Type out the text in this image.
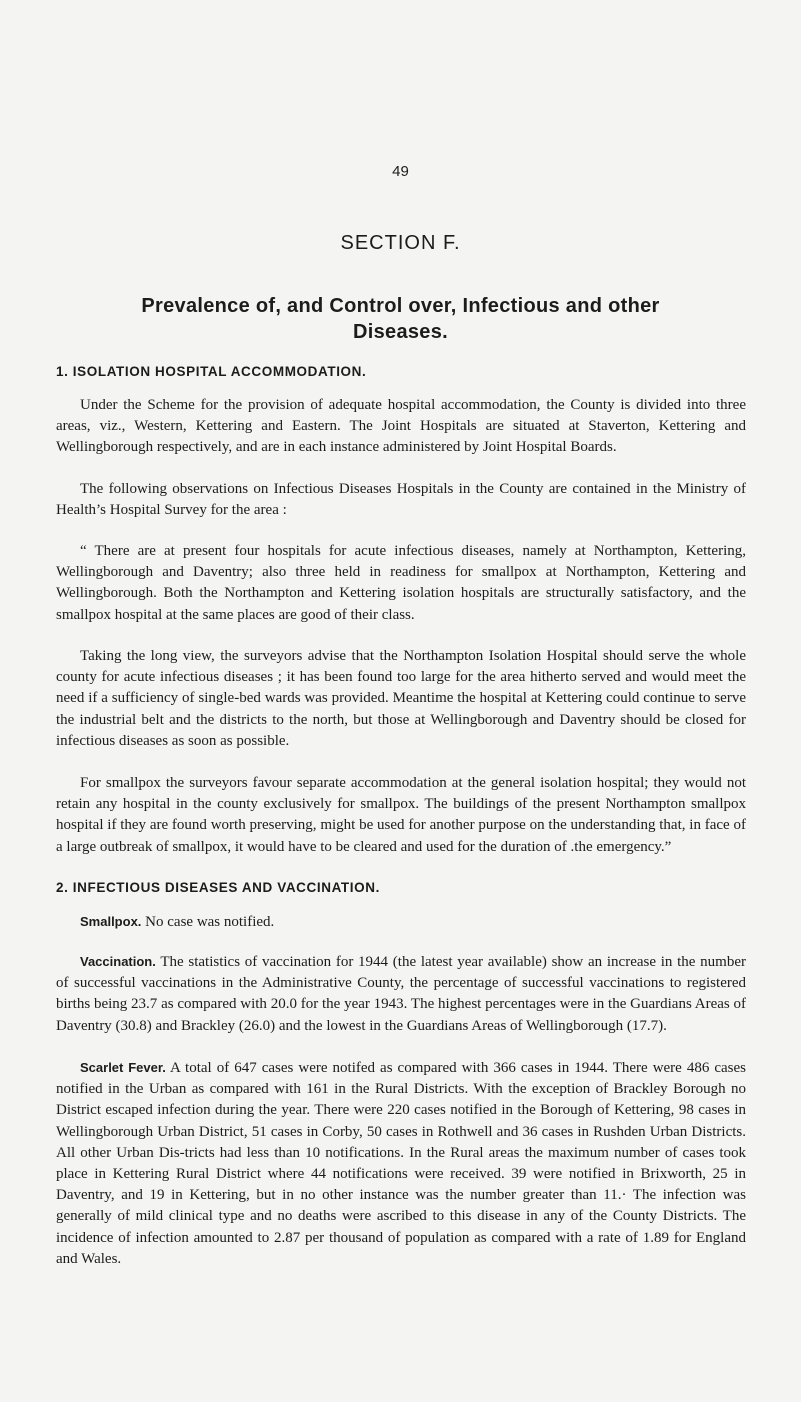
49
SECTION F.
Prevalence of, and Control over, Infectious and other
Diseases.
1. ISOLATION HOSPITAL ACCOMMODATION.

Under the Scheme for the provision of adequate hospital accommodation, the County is divided into three areas, viz., Western, Kettering and Eastern. The Joint Hospitals are situated at Staverton, Kettering and Wellingborough respectively, and are in each instance administered by Joint Hospital Boards.

The following observations on Infectious Diseases Hospitals in the County are contained in the Ministry of Health’s Hospital Survey for the area :

“ There are at present four hospitals for acute infectious diseases, namely at Northampton, Kettering, Wellingborough and Daventry; also three held in readiness for smallpox at Northampton, Kettering and Wellingborough. Both the Northampton and Kettering isolation hospitals are structurally satisfactory, and the smallpox hospital at the same places are good of their class.

Taking the long view, the surveyors advise that the Northampton Isolation Hospital should serve the whole county for acute infectious diseases ; it has been found too large for the area hitherto served and would meet the need if a sufficiency of single-bed wards was provided. Meantime the hospital at Kettering could continue to serve the industrial belt and the districts to the north, but those at Wellingborough and Daventry should be closed for infectious diseases as soon as possible.

For smallpox the surveyors favour separate accommodation at the general isolation hospital; they would not retain any hospital in the county exclusively for smallpox. The buildings of the present Northampton smallpox hospital if they are found worth preserving, might be used for another purpose on the understanding that, in face of a large outbreak of smallpox, it would have to be cleared and used for the duration of .the emergency.”

2. INFECTIOUS DISEASES AND VACCINATION.

Smallpox. No case was notified.

Vaccination. The statistics of vaccination for 1944 (the latest year available) show an increase in the number of successful vaccinations in the Administrative County, the percentage of successful vaccinations to registered births being 23.7 as compared with 20.0 for the year 1943. The highest percentages were in the Guardians Areas of Daventry (30.8) and Brackley (26.0) and the lowest in the Guardians Areas of Wellingborough (17.7).

Scarlet Fever. A total of 647 cases were notifed as compared with 366 cases in 1944. There were 486 cases notified in the Urban as compared with 161 in the Rural Districts. With the exception of Brackley Borough no District escaped infection during the year. There were 220 cases notified in the Borough of Kettering, 98 cases in Wellingborough Urban District, 51 cases in Corby, 50 cases in Rothwell and 36 cases in Rushden Urban Districts. All other Urban Dis-tricts had less than 10 notifications. In the Rural areas the maximum number of cases took place in Kettering Rural District where 44 notifications were received. 39 were notified in Brixworth, 25 in Daventry, and 19 in Kettering, but in no other instance was the number greater than 11.· The infection was generally of mild clinical type and no deaths were ascribed to this disease in any of the County Districts. The incidence of infection amounted to 2.87 per thousand of population as compared with a rate of 1.89 for England and Wales.
